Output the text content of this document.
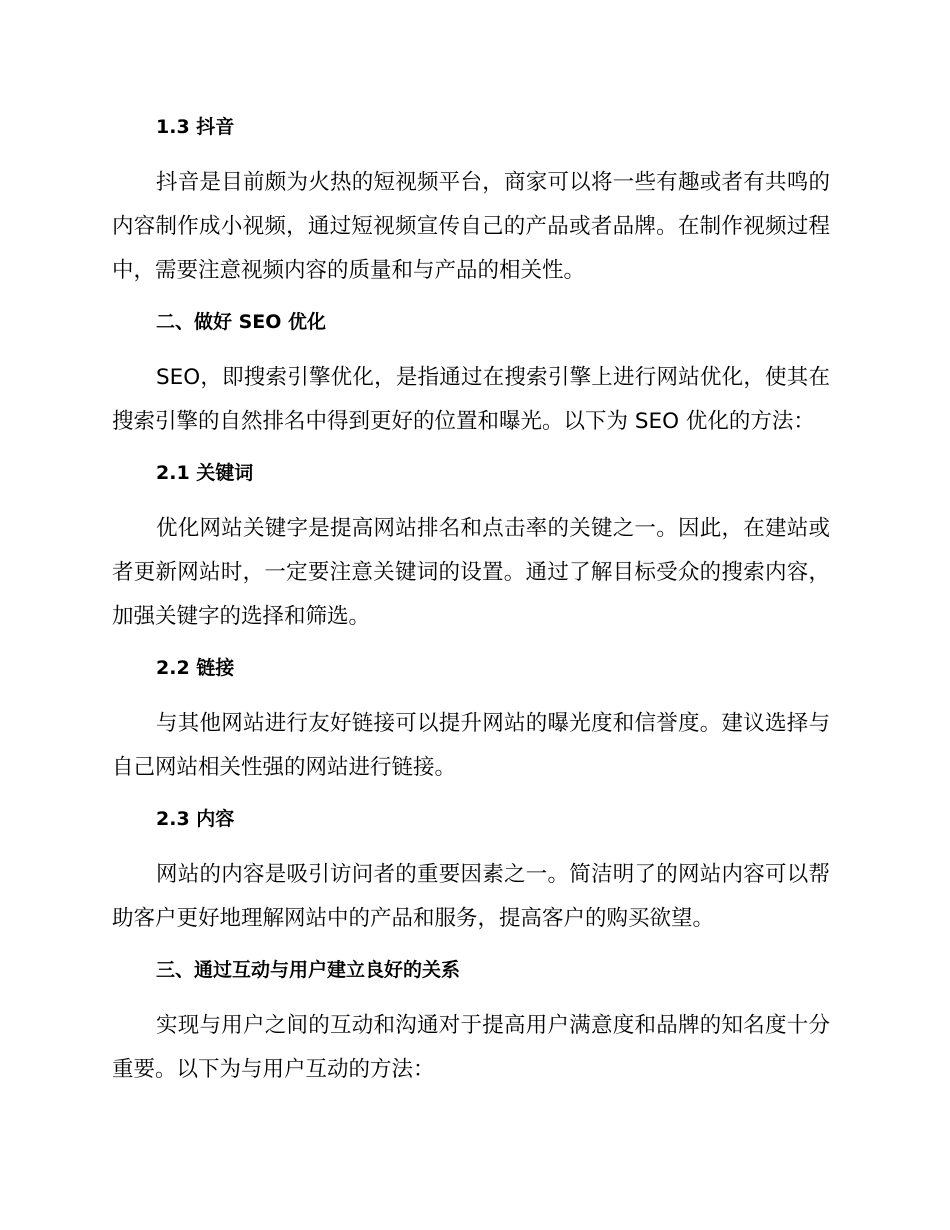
1.3 抖音

抖音是目前颇为火热的短视频平台，商家可以将一些有趣或者有共鸣的内容制作成小视频，通过短视频宣传自己的产品或者品牌。在制作视频过程中，需要注意视频内容的质量和与产品的相关性。

二、做好 SEO 优化

SEO，即搜索引擎优化，是指通过在搜索引擎上进行网站优化，使其在搜索引擎的自然排名中得到更好的位置和曝光。以下为 SEO 优化的方法：

2.1 关键词

优化网站关键字是提高网站排名和点击率的关键之一。因此，在建站或者更新网站时，一定要注意关键词的设置。通过了解目标受众的搜索内容，加强关键字的选择和筛选。

2.2 链接

与其他网站进行友好链接可以提升网站的曝光度和信誉度。建议选择与自己网站相关性强的网站进行链接。

2.3 内容

网站的内容是吸引访问者的重要因素之一。简洁明了的网站内容可以帮助客户更好地理解网站中的产品和服务，提高客户的购买欲望。

三、通过互动与用户建立良好的关系

实现与用户之间的互动和沟通对于提高用户满意度和品牌的知名度十分重要。以下为与用户互动的方法：
